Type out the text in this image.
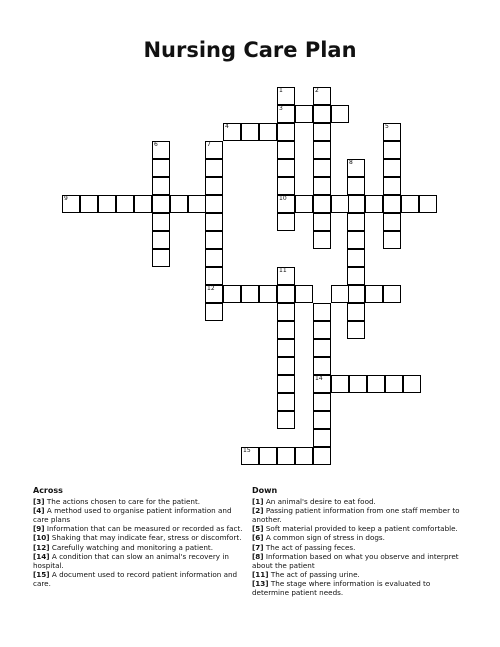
Nursing Care Plan
1
3
10
2
4	5
6	7
12
8
9
11
14
15
Across

[3] The actions chosen to care for the patient.

[4] A method used to organise patient information and care plans

[9] Information that can be measured or recorded as fact.

[10] Shaking that may indicate fear, stress or discomfort.

[12] Carefully watching and monitoring a patient.

[14] A condition that can slow an animal's recovery in hospital.

[15] A document used to record patient information and care.

Down

[1] An animal's desire to eat food.

[2] Passing patient information from one staff member to another.

[5] Soft material provided to keep a patient comfortable.

[6] A common sign of stress in dogs.

[7] The act of passing feces.

[8] Information based on what you observe and interpret about the patient

[11] The act of passing urine.

[13] The stage where information is evaluated to determine patient needs.
